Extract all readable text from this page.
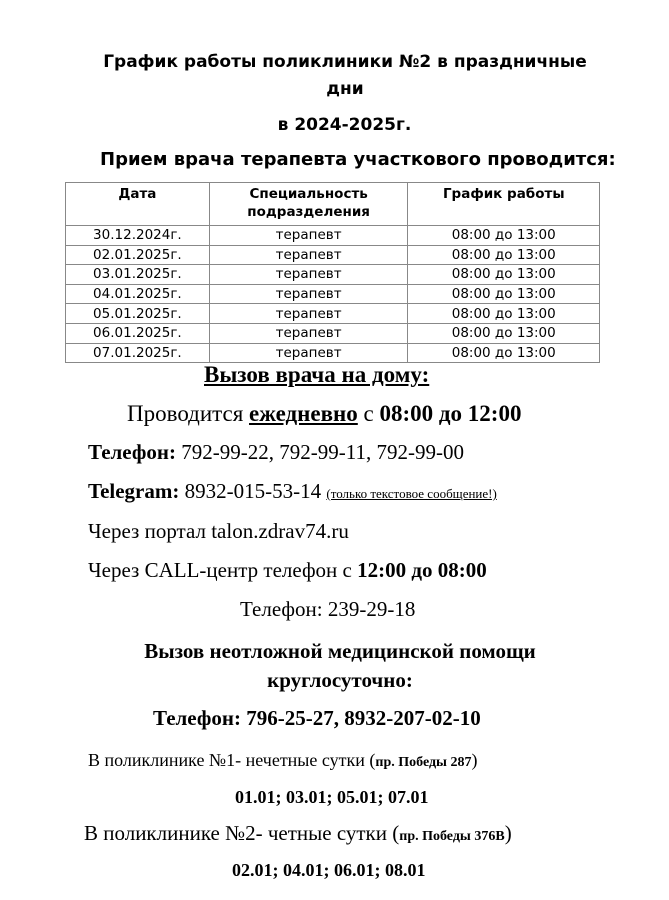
График работы поликлиники №2 в праздничные
дни
в 2024-2025г.
Прием врача терапевта участкового проводится:
Дата	Специальность подразделения	График работы
30.12.2024г.	терапевт	08:00 до 13:00
02.01.2025г.	терапевт	08:00 до 13:00
03.01.2025г.	терапевт	08:00 до 13:00
04.01.2025г.	терапевт	08:00 до 13:00
05.01.2025г.	терапевт	08:00 до 13:00
06.01.2025г.	терапевт	08:00 до 13:00
07.01.2025г.	терапевт	08:00 до 13:00
Вызов врача на дому:
Проводится ежедневно с 08:00 до 12:00
Телефон: 792-99-22, 792-99-11, 792-99-00
Telegram: 8932-015-53-14 (только текстовое сообщение!)
Через портал talon.zdrav74.ru
Через CALL-центр телефон с 12:00 до 08:00
Телефон: 239-29-18
Вызов неотложной медицинской помощи
круглосуточно:
Телефон: 796-25-27, 8932-207-02-10
В поликлинике №1- нечетные сутки (пр. Победы 287)
01.01; 03.01; 05.01; 07.01
В поликлинике №2- четные сутки (пр. Победы 376В)
02.01; 04.01; 06.01; 08.01
